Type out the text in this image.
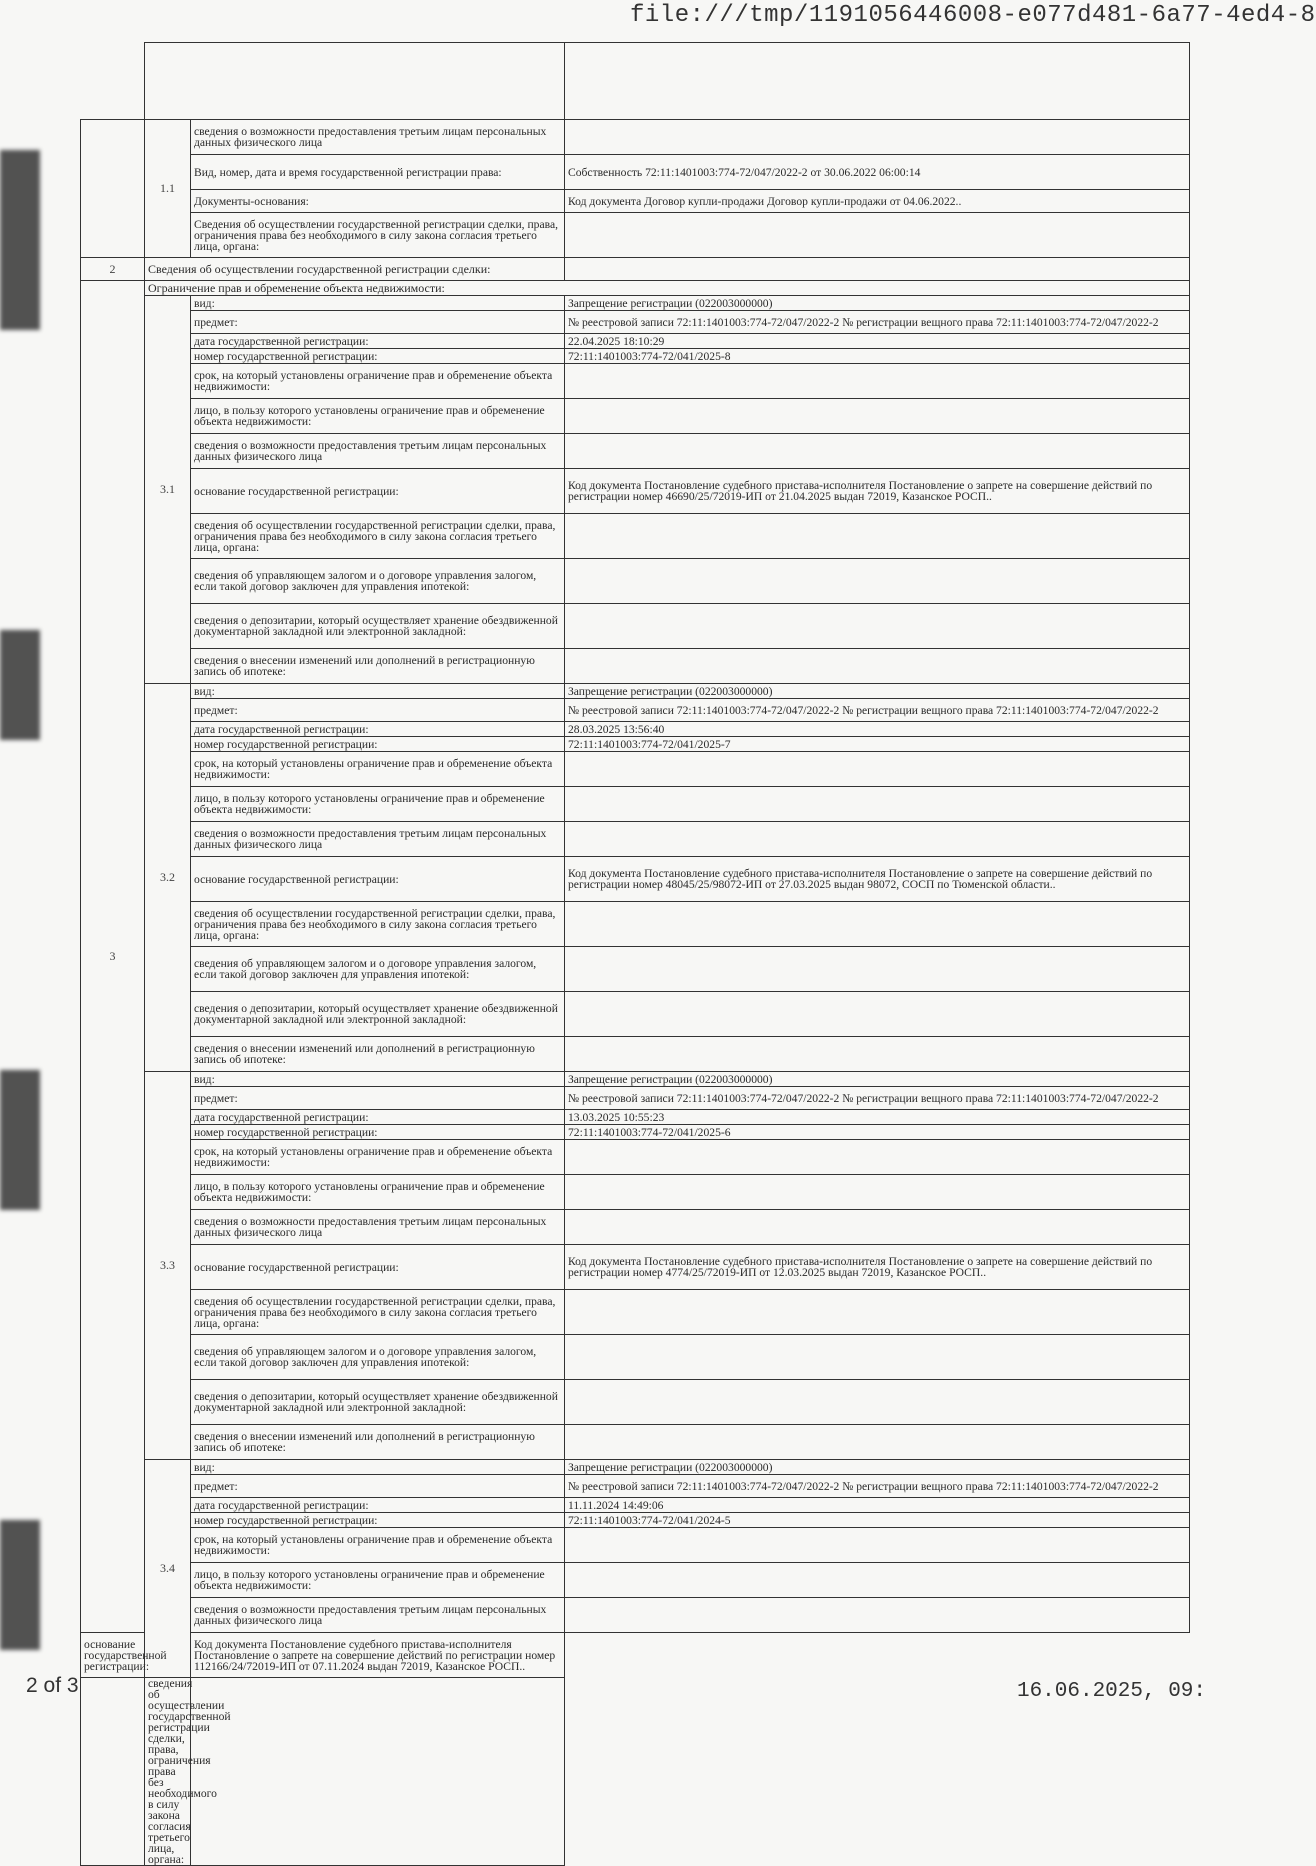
file:///tmp/1191056446008-e077d481-6a77-4ed4-8

	1.1	сведения о возможности предоставления третьим лицам персональных данных физического лица	
		Вид, номер, дата и время государственной регистрации права:	Собственность 72:11:1401003:774-72/047/2022-2 от 30.06.2022 06:00:14
		Документы-основания:	Код документа Договор купли-продажи Договор купли-продажи от 04.06.2022..
		Сведения об осуществлении государственной регистрации сделки, права, ограничения права без необходимого в силу закона согласия третьего лица, органа:	
2	Сведения об осуществлении государственной регистрации сделки:		
3	Ограничение прав и обременение объекта недвижимости:		
	3.1	вид:	Запрещение регистрации (022003000000)
		предмет:	№ реестровой записи 72:11:1401003:774-72/047/2022-2 № регистрации вещного права 72:11:1401003:774-72/047/2022-2
		дата государственной регистрации:	22.04.2025 18:10:29
		номер государственной регистрации:	72:11:1401003:774-72/041/2025-8
		срок, на который установлены ограничение прав и обременение объекта недвижимости:	
		лицо, в пользу которого установлены ограничение прав и обременение объекта недвижимости:	
		сведения о возможности предоставления третьим лицам персональных данных физического лица	
		основание государственной регистрации:	Код документа Постановление судебного пристава-исполнителя Постановление о запрете на совершение действий по регистрации номер 46690/25/72019-ИП от 21.04.2025 выдан 72019, Казанское РОСП..
		сведения об осуществлении государственной регистрации сделки, права, ограничения права без необходимого в силу закона согласия третьего лица, органа:	
		сведения об управляющем залогом и о договоре управления залогом, если такой договор заключен для управления ипотекой:	
		сведения о депозитарии, который осуществляет хранение обездвиженной документарной закладной или электронной закладной:	
		сведения о внесении изменений или дополнений в регистрационную запись об ипотеке:	
	3.2	вид:	Запрещение регистрации (022003000000)
		предмет:	№ реестровой записи 72:11:1401003:774-72/047/2022-2 № регистрации вещного права 72:11:1401003:774-72/047/2022-2
		дата государственной регистрации:	28.03.2025 13:56:40
		номер государственной регистрации:	72:11:1401003:774-72/041/2025-7
		срок, на который установлены ограничение прав и обременение объекта недвижимости:	
		лицо, в пользу которого установлены ограничение прав и обременение объекта недвижимости:	
		сведения о возможности предоставления третьим лицам персональных данных физического лица	
		основание государственной регистрации:	Код документа Постановление судебного пристава-исполнителя Постановление о запрете на совершение действий по регистрации номер 48045/25/98072-ИП от 27.03.2025 выдан 98072, СОСП по Тюменской области..
		сведения об осуществлении государственной регистрации сделки, права, ограничения права без необходимого в силу закона согласия третьего лица, органа:	
		сведения об управляющем залогом и о договоре управления залогом, если такой договор заключен для управления ипотекой:	
		сведения о депозитарии, который осуществляет хранение обездвиженной документарной закладной или электронной закладной:	
		сведения о внесении изменений или дополнений в регистрационную запись об ипотеке:	
	3.3	вид:	Запрещение регистрации (022003000000)
		предмет:	№ реестровой записи 72:11:1401003:774-72/047/2022-2 № регистрации вещного права 72:11:1401003:774-72/047/2022-2
		дата государственной регистрации:	13.03.2025 10:55:23
		номер государственной регистрации:	72:11:1401003:774-72/041/2025-6
		срок, на который установлены ограничение прав и обременение объекта недвижимости:	
		лицо, в пользу которого установлены ограничение прав и обременение объекта недвижимости:	
		сведения о возможности предоставления третьим лицам персональных данных физического лица	
		основание государственной регистрации:	Код документа Постановление судебного пристава-исполнителя Постановление о запрете на совершение действий по регистрации номер 4774/25/72019-ИП от 12.03.2025 выдан 72019, Казанское РОСП..
		сведения об осуществлении государственной регистрации сделки, права, ограничения права без необходимого в силу закона согласия третьего лица, органа:	
		сведения об управляющем залогом и о договоре управления залогом, если такой договор заключен для управления ипотекой:	
		сведения о депозитарии, который осуществляет хранение обездвиженной документарной закладной или электронной закладной:	
		сведения о внесении изменений или дополнений в регистрационную запись об ипотеке:	
	3.4	вид:	Запрещение регистрации (022003000000)
		предмет:	№ реестровой записи 72:11:1401003:774-72/047/2022-2 № регистрации вещного права 72:11:1401003:774-72/047/2022-2
		дата государственной регистрации:	11.11.2024 14:49:06
		номер государственной регистрации:	72:11:1401003:774-72/041/2024-5
		срок, на который установлены ограничение прав и обременение объекта недвижимости:	
		лицо, в пользу которого установлены ограничение прав и обременение объекта недвижимости:	
		сведения о возможности предоставления третьим лицам персональных данных физического лица	
основание государственной регистрации:		Код документа Постановление судебного пристава-исполнителя Постановление о запрете на совершение действий по регистрации номер 112166/24/72019-ИП от 07.11.2024 выдан 72019, Казанское РОСП..	
	сведения об осуществлении государственной регистрации сделки, права, ограничения права без необходимого в силу закона согласия третьего лица, органа:		
2 of 3	16.06.2025, 09:
